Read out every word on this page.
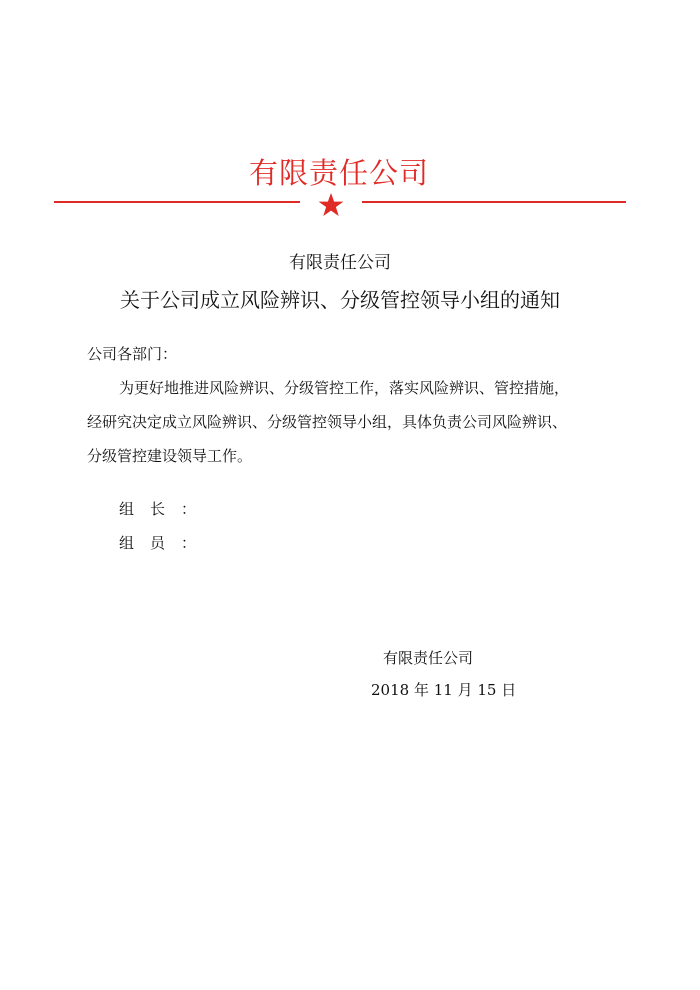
有限责任公司
有限责任公司
关于公司成立风险辨识、分级管控领导小组的通知
公司各部门：
为更好地推进风险辨识、分级管控工作，落实风险辨识、管控措施，
经研究决定成立风险辨识、分级管控领导小组，具体负责公司风险辨识、
分级管控建设领导工作。
组长：
组员：
有限责任公司
2018 年 11 月 15 日
